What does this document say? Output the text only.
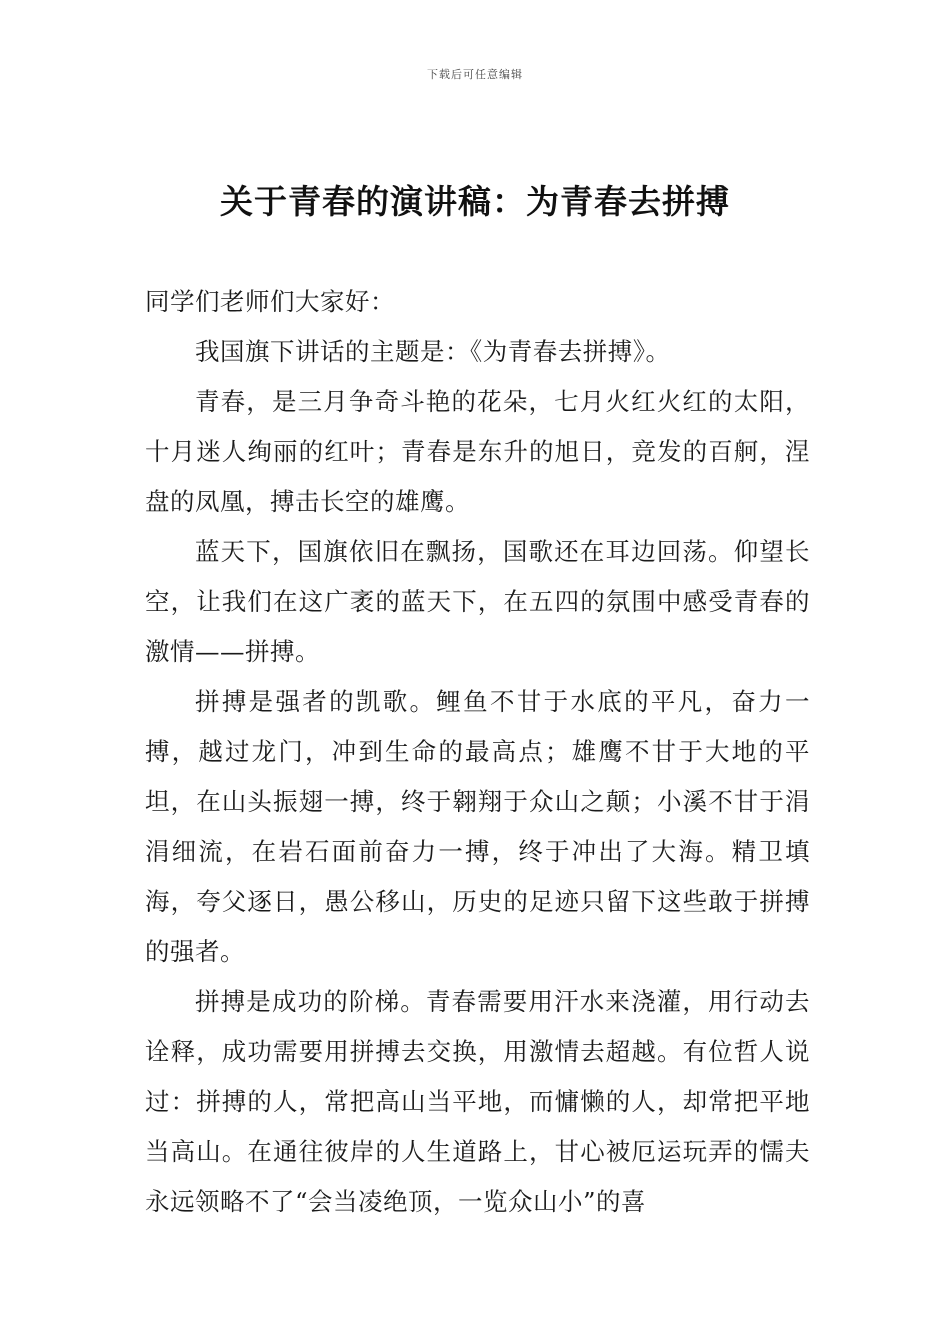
下载后可任意编辑
关于青春的演讲稿：为青春去拼搏

同学们老师们大家好：

我国旗下讲话的主题是：《为青春去拼搏》。

青春，是三月争奇斗艳的花朵，七月火红火红的太阳，十月迷人绚丽的红叶；青春是东升的旭日，竞发的百舸，涅盘的凤凰，搏击长空的雄鹰。

蓝天下，国旗依旧在飘扬，国歌还在耳边回荡。仰望长空，让我们在这广袤的蓝天下，在五四的氛围中感受青春的激情——拼搏。

拼搏是强者的凯歌。鲤鱼不甘于水底的平凡，奋力一搏，越过龙门，冲到生命的最高点；雄鹰不甘于大地的平坦，在山头振翅一搏，终于翱翔于众山之颠；小溪不甘于涓涓细流，在岩石面前奋力一搏，终于冲出了大海。精卫填海，夸父逐日，愚公移山，历史的足迹只留下这些敢于拼搏的强者。

拼搏是成功的阶梯。青春需要用汗水来浇灌，用行动去诠释，成功需要用拼搏去交换，用激情去超越。有位哲人说过：拼搏的人，常把高山当平地，而慵懒的人，却常把平地当高山。在通往彼岸的人生道路上，甘心被厄运玩弄的懦夫永远领略不了“会当凌绝顶，一览众山小”的喜
